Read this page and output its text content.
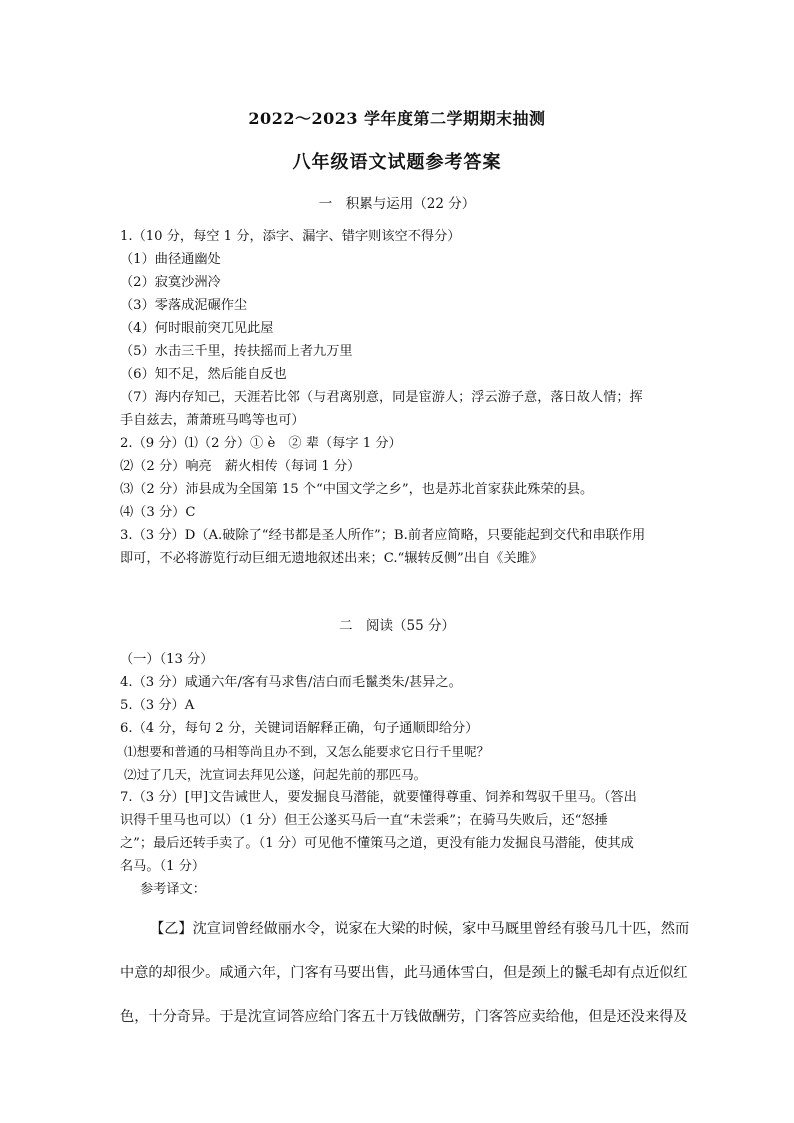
2022～2023 学年度第二学期期末抽测
八年级语文试题参考答案
一　积累与运用（22 分）

1.（10 分，每空 1 分，添字、漏字、错字则该空不得分）

（1）曲径通幽处

（2）寂寞沙洲冷

（3）零落成泥碾作尘

（4）何时眼前突兀见此屋

（5）水击三千里，抟扶摇而上者九万里

（6）知不足，然后能自反也

（7）海内存知己，天涯若比邻（与君离别意，同是宦游人；浮云游子意，落日故人情；挥

手自兹去，萧萧班马鸣等也可）

2.（9 分）⑴（2 分）① è　② 辈（每字 1 分）

⑵（2 分）响亮　薪火相传（每词 1 分）

⑶（2 分）沛县成为全国第 15 个“中国文学之乡”，也是苏北首家获此殊荣的县。

⑷（3 分）C

3.（3 分）D（A.破除了“经书都是圣人所作”；B.前者应简略，只要能起到交代和串联作用

即可，不必将游览行动巨细无遗地叙述出来；C.“辗转反侧”出自《关雎》

二　阅读（55 分）

（一）（13 分）

4.（3 分）咸通六年/客有马求售/洁白而毛鬣类朱/甚异之。

5.（3 分）A

6.（4 分，每句 2 分，关键词语解释正确，句子通顺即给分）

⑴想要和普通的马相等尚且办不到，又怎么能要求它日行千里呢？

⑵过了几天，沈宣词去拜见公遂，问起先前的那匹马。

7.（3 分）[甲]文告诫世人，要发掘良马潜能，就要懂得尊重、饲养和驾驭千里马。（答出

识得千里马也可以）（1 分）但王公遂买马后一直“未尝乘”；在骑马失败后，还“怒捶

之”；最后还转手卖了。（1 分）可见他不懂策马之道，更没有能力发掘良马潜能，使其成

名马。（1 分）

参考译文：

【乙】沈宣词曾经做丽水令，说家在大梁的时候，家中马厩里曾经有骏马几十匹，然而

中意的却很少。咸通六年，门客有马要出售，此马通体雪白，但是颈上的鬣毛却有点近似红

色，十分奇异。于是沈宣词答应给门客五十万钱做酬劳，门客答应卖给他，但是还没来得及
